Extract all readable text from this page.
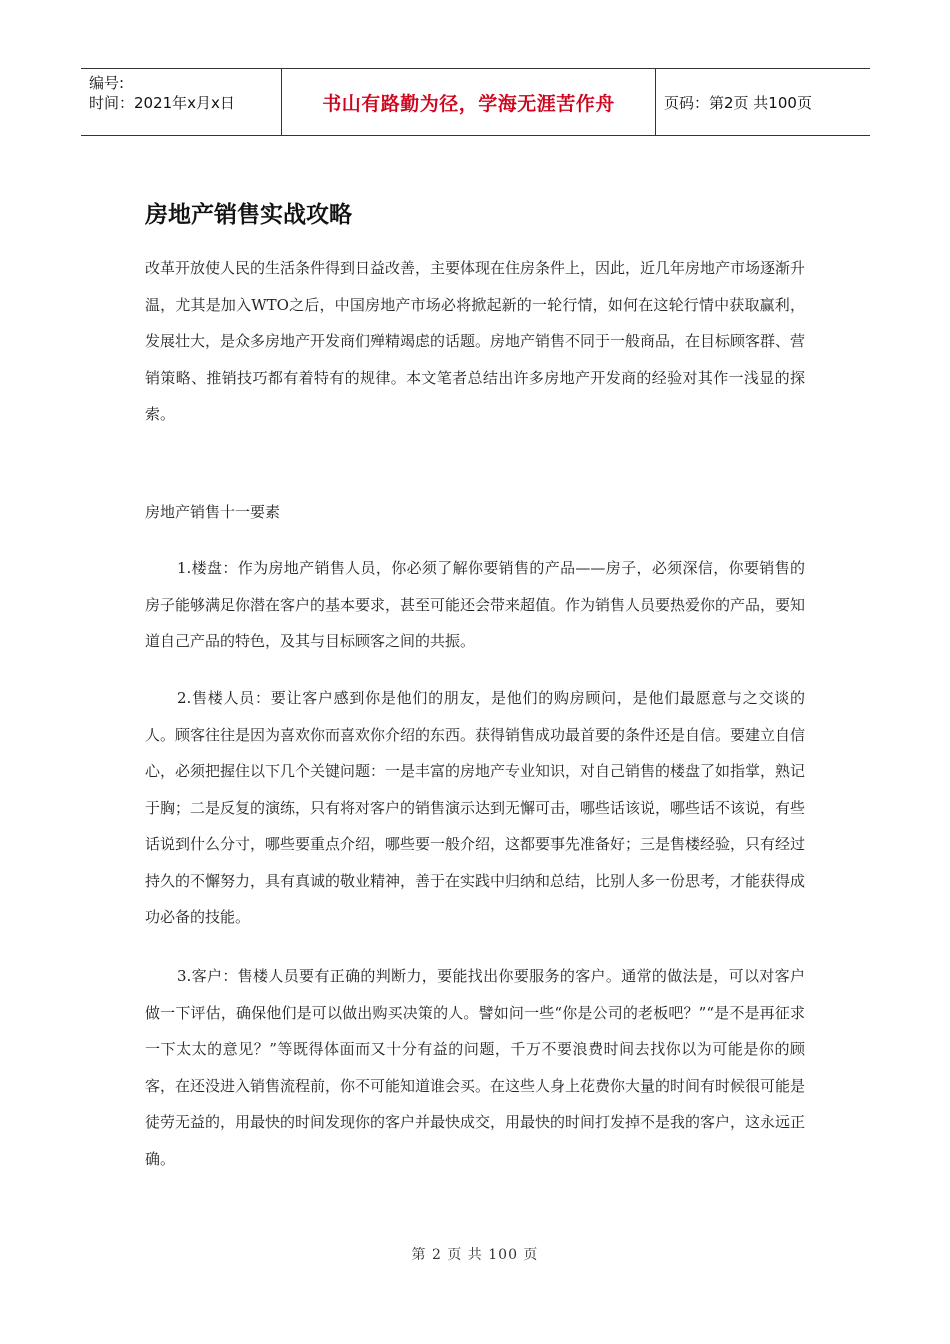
编号:
时间：2021年x月x日	书山有路勤为径，学海无涯苦作舟	页码：第2页 共100页
房地产销售实战攻略

改革开放使人民的生活条件得到日益改善，主要体现在住房条件上，因此，近几年房地产市场逐渐升温，尤其是加入WTO之后，中国房地产市场必将掀起新的一轮行情，如何在这轮行情中获取赢利，发展壮大，是众多房地产开发商们殚精竭虑的话题。房地产销售不同于一般商品，在目标顾客群、营销策略、推销技巧都有着特有的规律。本文笔者总结出许多房地产开发商的经验对其作一浅显的探索。

房地产销售十一要素

1.楼盘：作为房地产销售人员，你必须了解你要销售的产品——房子，必须深信，你要销售的房子能够满足你潜在客户的基本要求，甚至可能还会带来超值。作为销售人员要热爱你的产品，要知道自己产品的特色，及其与目标顾客之间的共振。

2.售楼人员：要让客户感到你是他们的朋友，是他们的购房顾问，是他们最愿意与之交谈的人。顾客往往是因为喜欢你而喜欢你介绍的东西。获得销售成功最首要的条件还是自信。要建立自信心，必须把握住以下几个关键问题：一是丰富的房地产专业知识，对自己销售的楼盘了如指掌，熟记于胸；二是反复的演练，只有将对客户的销售演示达到无懈可击，哪些话该说，哪些话不该说，有些话说到什么分寸，哪些要重点介绍，哪些要一般介绍，这都要事先准备好；三是售楼经验，只有经过持久的不懈努力，具有真诚的敬业精神，善于在实践中归纳和总结，比别人多一份思考，才能获得成功必备的技能。

3.客户：售楼人员要有正确的判断力，要能找出你要服务的客户。通常的做法是，可以对客户做一下评估，确保他们是可以做出购买决策的人。譬如问一些“你是公司的老板吧？”“是不是再征求一下太太的意见？”等既得体面而又十分有益的问题，千万不要浪费时间去找你以为可能是你的顾客，在还没进入销售流程前，你不可能知道谁会买。在这些人身上花费你大量的时间有时候很可能是徒劳无益的，用最快的时间发现你的客户并最快成交，用最快的时间打发掉不是我的客户，这永远正确。

第 2 页 共 100 页
